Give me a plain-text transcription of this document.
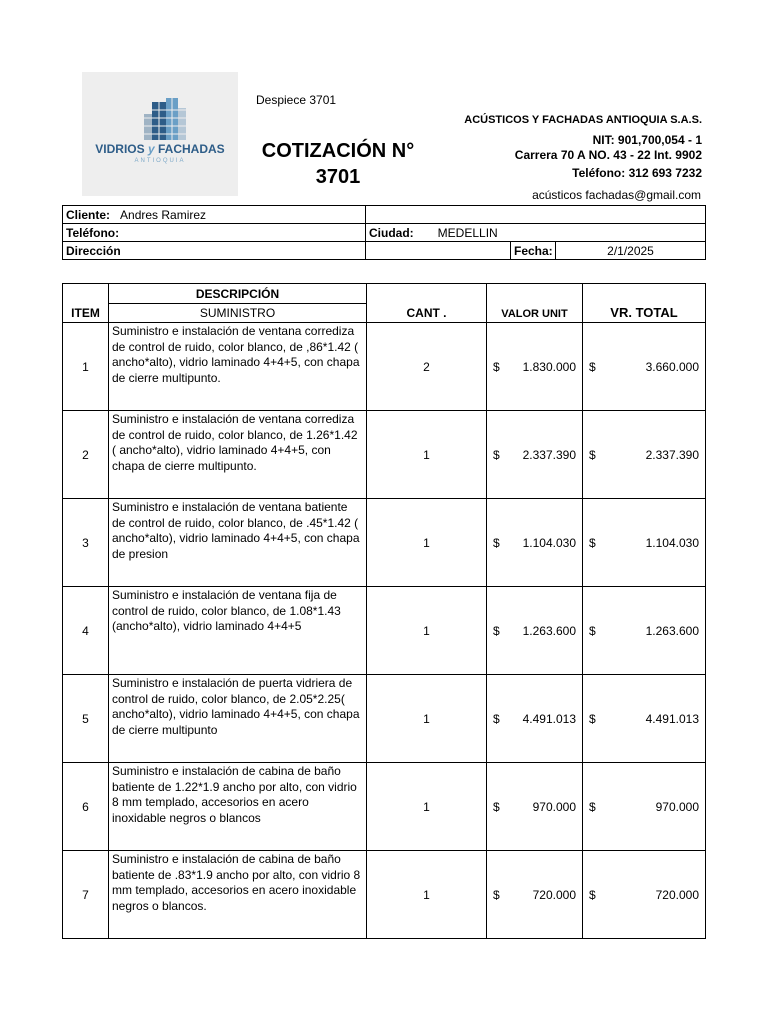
VIDRIOS y FACHADAS
ANTIOQUIA
Despiece 3701
COTIZACIÓN N°
3701
ACÚSTICOS Y FACHADAS ANTIOQUIA S.A.S.
NIT: 901,700,054 - 1
Carrera 70 A NO. 43 - 22 Int. 9902
Teléfono: 312 693 7232
acústicos fachadas@gmail.com
Cliente: Andres Ramirez			
Teléfono:	Ciudad: MEDELLIN		
Dirección		Fecha:	2/1/2025
ITEM	DESCRIPCIÓN	CANT .	VALOR UNIT	VR. TOTAL
	SUMINISTRO			
1	Suministro e instalación de ventana corrediza de control de ruido, color blanco, de ,86*1.42 ( ancho*alto), vidrio laminado 4+4+5, con chapa de cierre multipunto.	2	$ 1.830.000	$ 3.660.000

2	Suministro e instalación de ventana corrediza de control de ruido, color blanco, de 1.26*1.42 ( ancho*alto), vidrio laminado 4+4+5, con chapa de cierre multipunto.	1	$ 2.337.390	$ 2.337.390

3	Suministro e instalación de ventana batiente de control de ruido, color blanco, de .45*1.42 ( ancho*alto), vidrio laminado 4+4+5, con chapa de presion	1	$ 1.104.030	$ 1.104.030

4	Suministro e instalación de ventana fija de control de ruido, color blanco, de 1.08*1.43 (ancho*alto), vidrio laminado 4+4+5	1	$ 1.263.600	$ 1.263.600

5	Suministro e instalación de puerta vidriera de control de ruido, color blanco, de 2.05*2.25( ancho*alto), vidrio laminado 4+4+5, con chapa de cierre multipunto	1	$ 4.491.013	$ 4.491.013

6	Suministro e instalación de cabina de baño batiente de 1.22*1.9 ancho por alto, con vidrio 8 mm templado, accesorios en acero inoxidable negros o blancos	1	$ 970.000	$ 970.000

7	Suministro e instalación de cabina de baño batiente de .83*1.9 ancho por alto, con vidrio 8 mm templado, accesorios en acero inoxidable negros o blancos.	1	$ 720.000	$ 720.000
